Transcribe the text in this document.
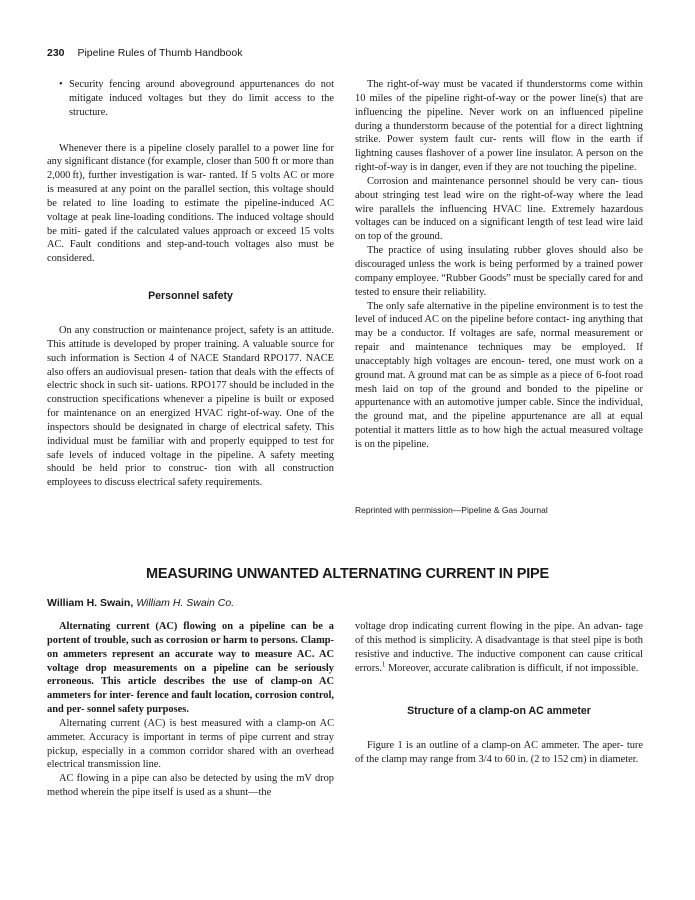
230 Pipeline Rules of Thumb Handbook
• Security fencing around aboveground appurtenances do not mitigate induced voltages but they do limit access to the structure.

Whenever there is a pipeline closely parallel to a power line for any significant distance (for example, closer than 500 ft or more than 2,000 ft), further investigation is war- ranted. If 5 volts AC or more is measured at any point on the parallel section, this voltage should be related to line loading to estimate the pipeline-induced AC voltage at peak line-loading conditions. The induced voltage should be miti- gated if the calculated values approach or exceed 15 volts AC. Fault conditions and step-and-touch voltages also must be considered.

Personnel safety

On any construction or maintenance project, safety is an attitude. This attitude is developed by proper training. A valuable source for such information is Section 4 of NACE Standard RPO177. NACE also offers an audiovisual presen- tation that deals with the effects of electric shock in such sit- uations. RPO177 should be included in the construction specifications whenever a pipeline is built or exposed for maintenance on an energized HVAC right-of-way. One of the inspectors should be designated in charge of electrical safety. This individual must be familiar with and properly equipped to test for safe levels of induced voltage in the pipeline. A safety meeting should be held prior to construc- tion with all construction employees to discuss electrical safety requirements.

The right-of-way must be vacated if thunderstorms come within 10 miles of the pipeline right-of-way or the power line(s) that are influencing the pipeline. Never work on an influenced pipeline during a thunderstorm because of the potential for a direct lightning strike. Power system fault cur- rents will flow in the earth if lightning causes flashover of a power line insulator. A person on the right-of-way is in danger, even if they are not touching the pipeline.

Corrosion and maintenance personnel should be very can- tious about stringing test lead wire on the right-of-way where the lead wire parallels the influencing HVAC line. Extremely hazardous voltages can be induced on a significant length of test lead wire laid on top of the ground.

The practice of using insulating rubber gloves should also be discouraged unless the work is being performed by a trained power company employee. “Rubber Goods” must be specially cared for and tested to ensure their reliability.

The only safe alternative in the pipeline environment is to test the level of induced AC on the pipeline before contact- ing anything that may be a conductor. If voltages are safe, normal measurement or repair and maintenance techniques may be employed. If unacceptably high voltages are encoun- tered, one must work on a ground mat. A ground mat can be as simple as a piece of 6-foot road mesh laid on top of the ground and bonded to the pipeline or appurtenance with an automotive jumper cable. Since the individual, the ground mat, and the pipeline appurtenance are all at equal potential it matters little as to how high the actual measured voltage is on the pipeline.

Reprinted with permission—Pipeline & Gas Journal
MEASURING UNWANTED ALTERNATING CURRENT IN PIPE
William H. Swain, William H. Swain Co.

Alternating current (AC) flowing on a pipeline can be a portent of trouble, such as corrosion or harm to persons. Clamp-on ammeters represent an accurate way to measure AC. AC voltage drop measurements on a pipeline can be seriously erroneous. This article describes the use of clamp-on AC ammeters for inter- ference and fault location, corrosion control, and per- sonnel safety purposes.

Alternating current (AC) is best measured with a clamp-on AC ammeter. Accuracy is important in terms of pipe current and stray pickup, especially in a common corridor shared with an overhead electrical transmission line.

AC flowing in a pipe can also be detected by using the mV drop method wherein the pipe itself is used as a shunt—the

voltage drop indicating current flowing in the pipe. An advan- tage of this method is simplicity. A disadvantage is that steel pipe is both resistive and inductive. The inductive component can cause critical errors.$^1$ Moreover, accurate calibration is difficult, if not impossible.

Structure of a clamp-on AC ammeter

Figure 1 is an outline of a clamp-on AC ammeter. The aper- ture of the clamp may range from 3/4 to 60 in. (2 to 152 cm) in diameter.
